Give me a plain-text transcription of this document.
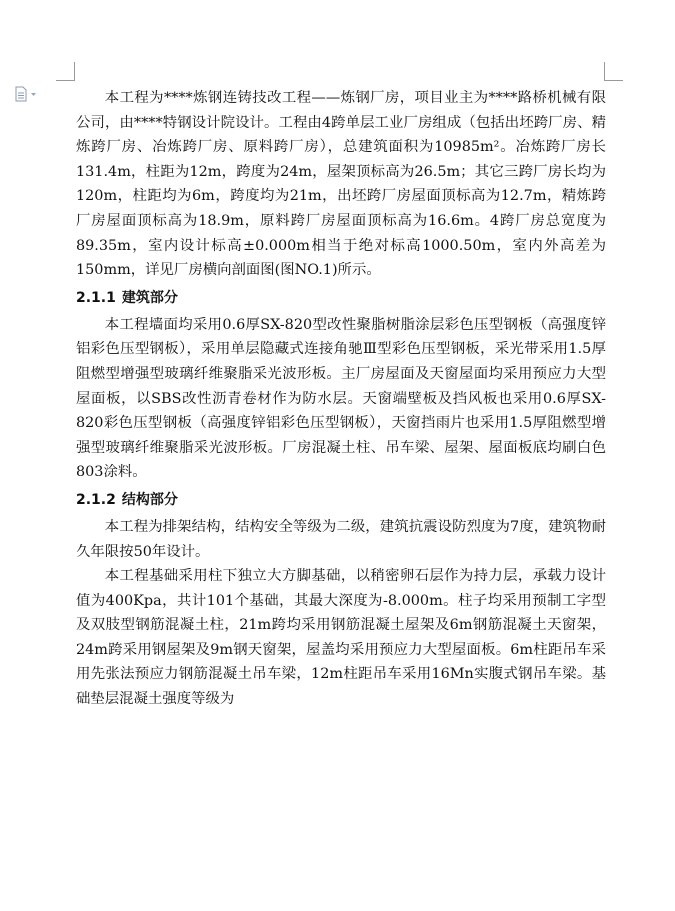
本工程为****炼钢连铸技改工程——炼钢厂房，项目业主为****路桥机械有限公司，由****特钢设计院设计。工程由4跨单层工业厂房组成（包括出坯跨厂房、精炼跨厂房、冶炼跨厂房、原料跨厂房），总建筑面积为10985m²。冶炼跨厂房长131.4m，柱距为12m，跨度为24m，屋架顶标高为26.5m；其它三跨厂房长均为120m，柱距均为6m，跨度均为21m，出坯跨厂房屋面顶标高为12.7m，精炼跨厂房屋面顶标高为18.9m，原料跨厂房屋面顶标高为16.6m。4跨厂房总宽度为89.35m，室内设计标高±0.000m相当于绝对标高1000.50m，室内外高差为150mm，详见厂房横向剖面图(图NO.1)所示。

2.1.1 建筑部分

本工程墙面均采用0.6厚SX-820型改性聚脂树脂涂层彩色压型钢板（高强度锌铝彩色压型钢板），采用单层隐藏式连接角驰Ⅲ型彩色压型钢板，采光带采用1.5厚阻燃型增强型玻璃纤维聚脂采光波形板。主厂房屋面及天窗屋面均采用预应力大型屋面板，以SBS改性沥青卷材作为防水层。天窗端壁板及挡风板也采用0.6厚SX-820彩色压型钢板（高强度锌铝彩色压型钢板），天窗挡雨片也采用1.5厚阻燃型增强型玻璃纤维聚脂采光波形板。厂房混凝土柱、吊车梁、屋架、屋面板底均刷白色803涂料。

2.1.2 结构部分

本工程为排架结构，结构安全等级为二级，建筑抗震设防烈度为7度，建筑物耐久年限按50年设计。

本工程基础采用柱下独立大方脚基础，以稍密卵石层作为持力层，承载力设计值为400Kpa，共计101个基础，其最大深度为-8.000m。柱子均采用预制工字型及双肢型钢筋混凝土柱，21m跨均采用钢筋混凝土屋架及6m钢筋混凝土天窗架，24m跨采用钢屋架及9m钢天窗架，屋盖均采用预应力大型屋面板。6m柱距吊车采用先张法预应力钢筋混凝土吊车梁，12m柱距吊车采用16Mn实腹式钢吊车梁。基础垫层混凝土强度等级为
